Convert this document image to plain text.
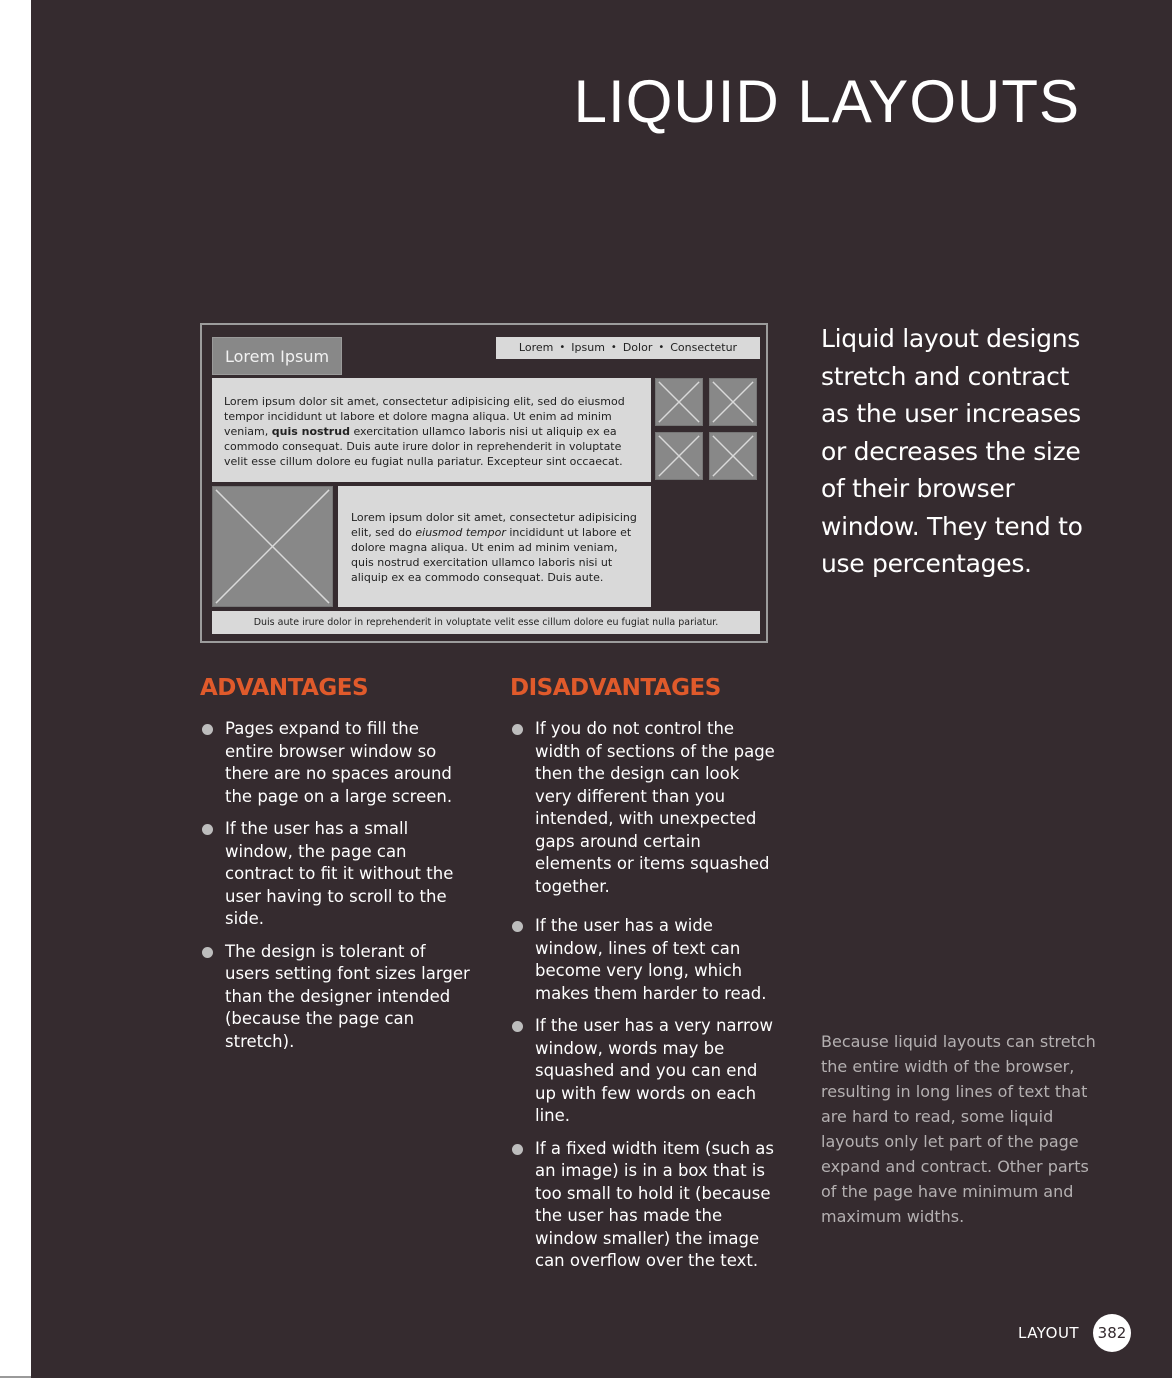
LIQUID LAYOUTS
Lorem Ipsum	Lorem • Ipsum • Dolor • Consectetur
Lorem ipsum dolor sit amet, consectetur adipisicing elit, sed do eiusmod tempor incididunt ut labore et dolore magna aliqua. Ut enim ad minim veniam, quis nostrud exercitation ullamco laboris nisi ut aliquip ex ea commodo consequat. Duis aute irure dolor in reprehenderit in voluptate velit esse cillum dolore eu fugiat nulla pariatur. Excepteur sint occaecat.
Lorem ipsum dolor sit amet, consectetur adipisicing elit, sed do eiusmod tempor incididunt ut labore et dolore magna aliqua. Ut enim ad minim veniam, quis nostrud exercitation ullamco laboris nisi ut aliquip ex ea commodo consequat. Duis aute.
Duis aute irure dolor in reprehenderit in voluptate velit esse cillum dolore eu fugiat nulla pariatur.

Liquid layout designs stretch and contract as the user increases or decreases the size of their browser window. They tend to use percentages.

ADVANTAGES
Pages expand to fill the entire browser window so there are no spaces around the page on a large screen.
If the user has a small window, the page can contract to fit it without the user having to scroll to the side.
The design is tolerant of users setting font sizes larger than the designer intended (because the page can stretch).
DISADVANTAGES
If you do not control the width of sections of the page then the design can look very different than you intended, with unexpected gaps around certain elements or items squashed together.
If the user has a wide window, lines of text can become very long, which makes them harder to read.
If the user has a very narrow window, words may be squashed and you can end up with few words on each line.
If a fixed width item (such as an image) is in a box that is too small to hold it (because the user has made the window smaller) the image can overflow over the text.

Because liquid layouts can stretch the entire width of the browser, resulting in long lines of text that are hard to read, some liquid layouts only let part of the page expand and contract. Other parts of the page have minimum and maximum widths.

LAYOUT	382
